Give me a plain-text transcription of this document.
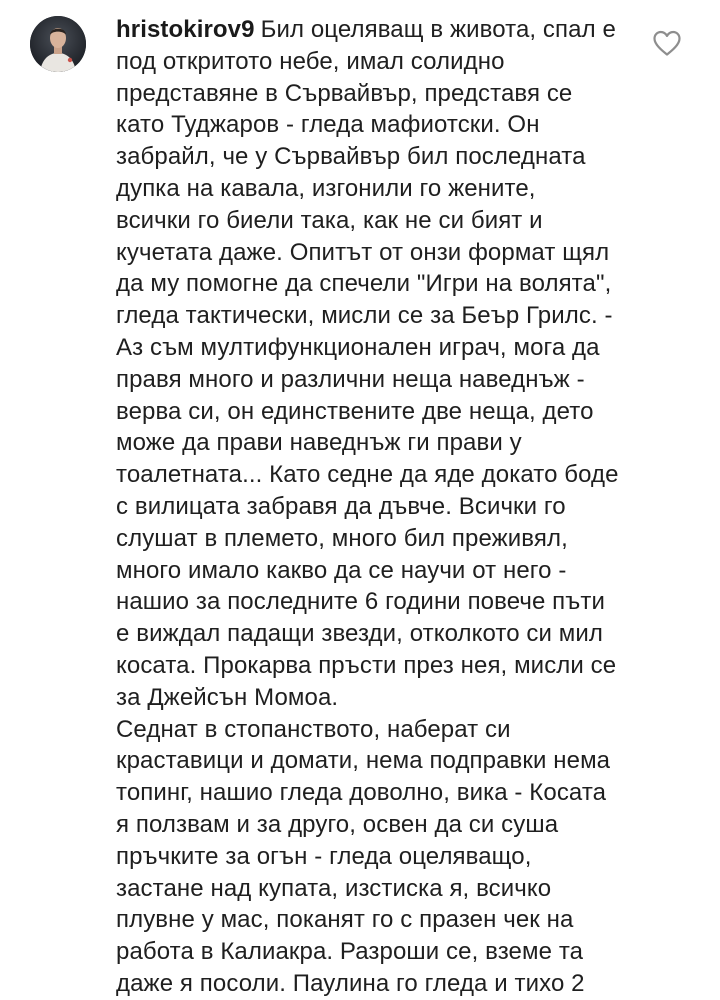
hristokirov9 Бил оцеляващ в живота, спал е
под откритото небе, имал солидно
представяне в Сървайвър, представя се
като Туджаров - гледа мафиотски. Он
забрайл, че у Сървайвър бил последната
дупка на кавала, изгонили го жените,
всички го биели така, как не си бият и
кучетата даже. Опитът от онзи формат щял
да му помогне да спечели "Игри на волята",
гледа тактически, мисли се за Беър Грилс. -
Аз съм мултифункционален играч, мога да
правя много и различни неща наведнъж -
верва си, он единствените две неща, дето
може да прави наведнъж ги прави у
тоалетната... Като седне да яде докато боде
с вилицата забравя да дъвче. Всички го
слушат в племето, много бил преживял,
много имало какво да се научи от него -
нашио за последните 6 години повече пъти
е виждал падащи звезди, отколкото си мил
косата. Прокарва пръсти през нея, мисли се
за Джейсън Момоа.
Седнат в стопанството, наберат си
краставици и домати, нема подправки нема
топинг, нашио гледа доволно, вика - Косата
я ползвам и за друго, освен да си суша
пръчките за огън - гледа оцеляващо,
застане над купата, изстиска я, всичко
плувне у мас, поканят го с празен чек на
работа в Калиакра. Разроши се, вземе та
даже я посоли. Паулина го гледа и тихо 2
